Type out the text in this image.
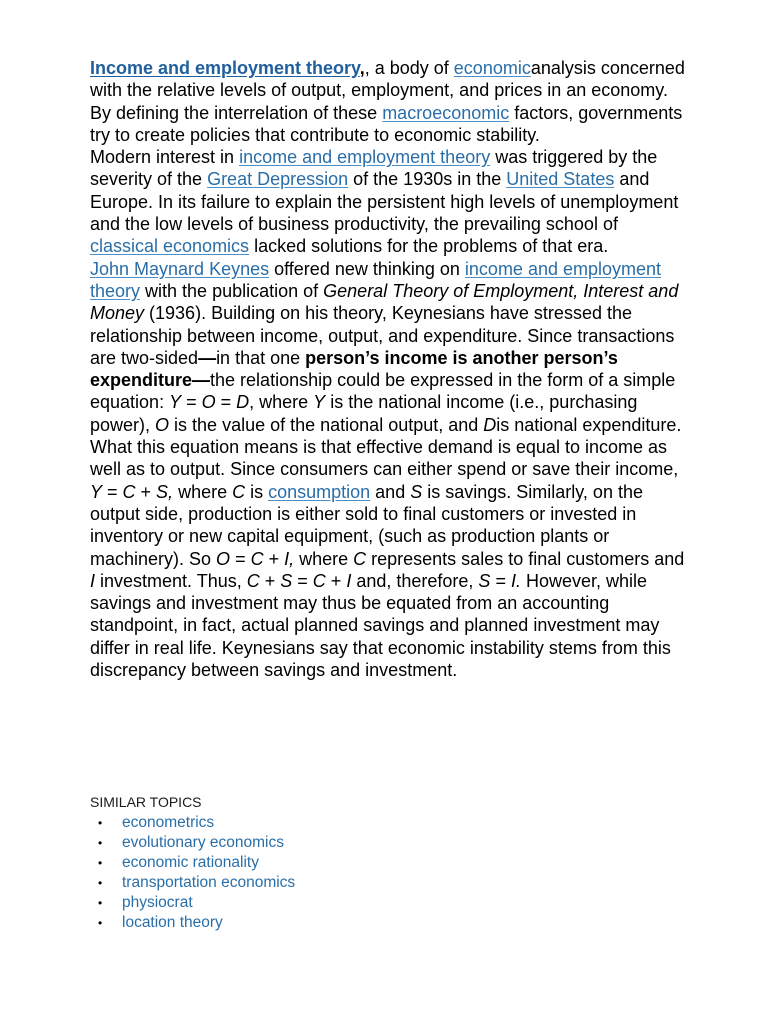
Income and employment theory,, a body of economicanalysis concerned with the relative levels of output, employment, and prices in an economy. By defining the interrelation of these macroeconomic factors, governments try to create policies that contribute to economic stability.
Modern interest in income and employment theory was triggered by the severity of the Great Depression of the 1930s in the United States and Europe. In its failure to explain the persistent high levels of unemployment and the low levels of business productivity, the prevailing school of classical economics lacked solutions for the problems of that era.
John Maynard Keynes offered new thinking on income and employment theory with the publication of General Theory of Employment, Interest and Money (1936). Building on his theory, Keynesians have stressed the relationship between income, output, and expenditure. Since transactions are two-sided—in that one person’s income is another person’s expenditure—the relationship could be expressed in the form of a simple equation: Y = O = D, where Y is the national income (i.e., purchasing power), O is the value of the national output, and Dis national expenditure. What this equation means is that effective demand is equal to income as well as to output. Since consumers can either spend or save their income, Y = C + S, where C is consumption and S is savings. Similarly, on the output side, production is either sold to final customers or invested in inventory or new capital equipment, (such as production plants or machinery). So O = C + I, where C represents sales to final customers and I investment. Thus, C + S = C + I and, therefore, S = I. However, while savings and investment may thus be equated from an accounting standpoint, in fact, actual planned savings and planned investment may differ in real life. Keynesians say that economic instability stems from this discrepancy between savings and investment.
SIMILAR TOPICS
• econometrics
• evolutionary economics
• economic rationality
• transportation economics
• physiocrat
• location theory
